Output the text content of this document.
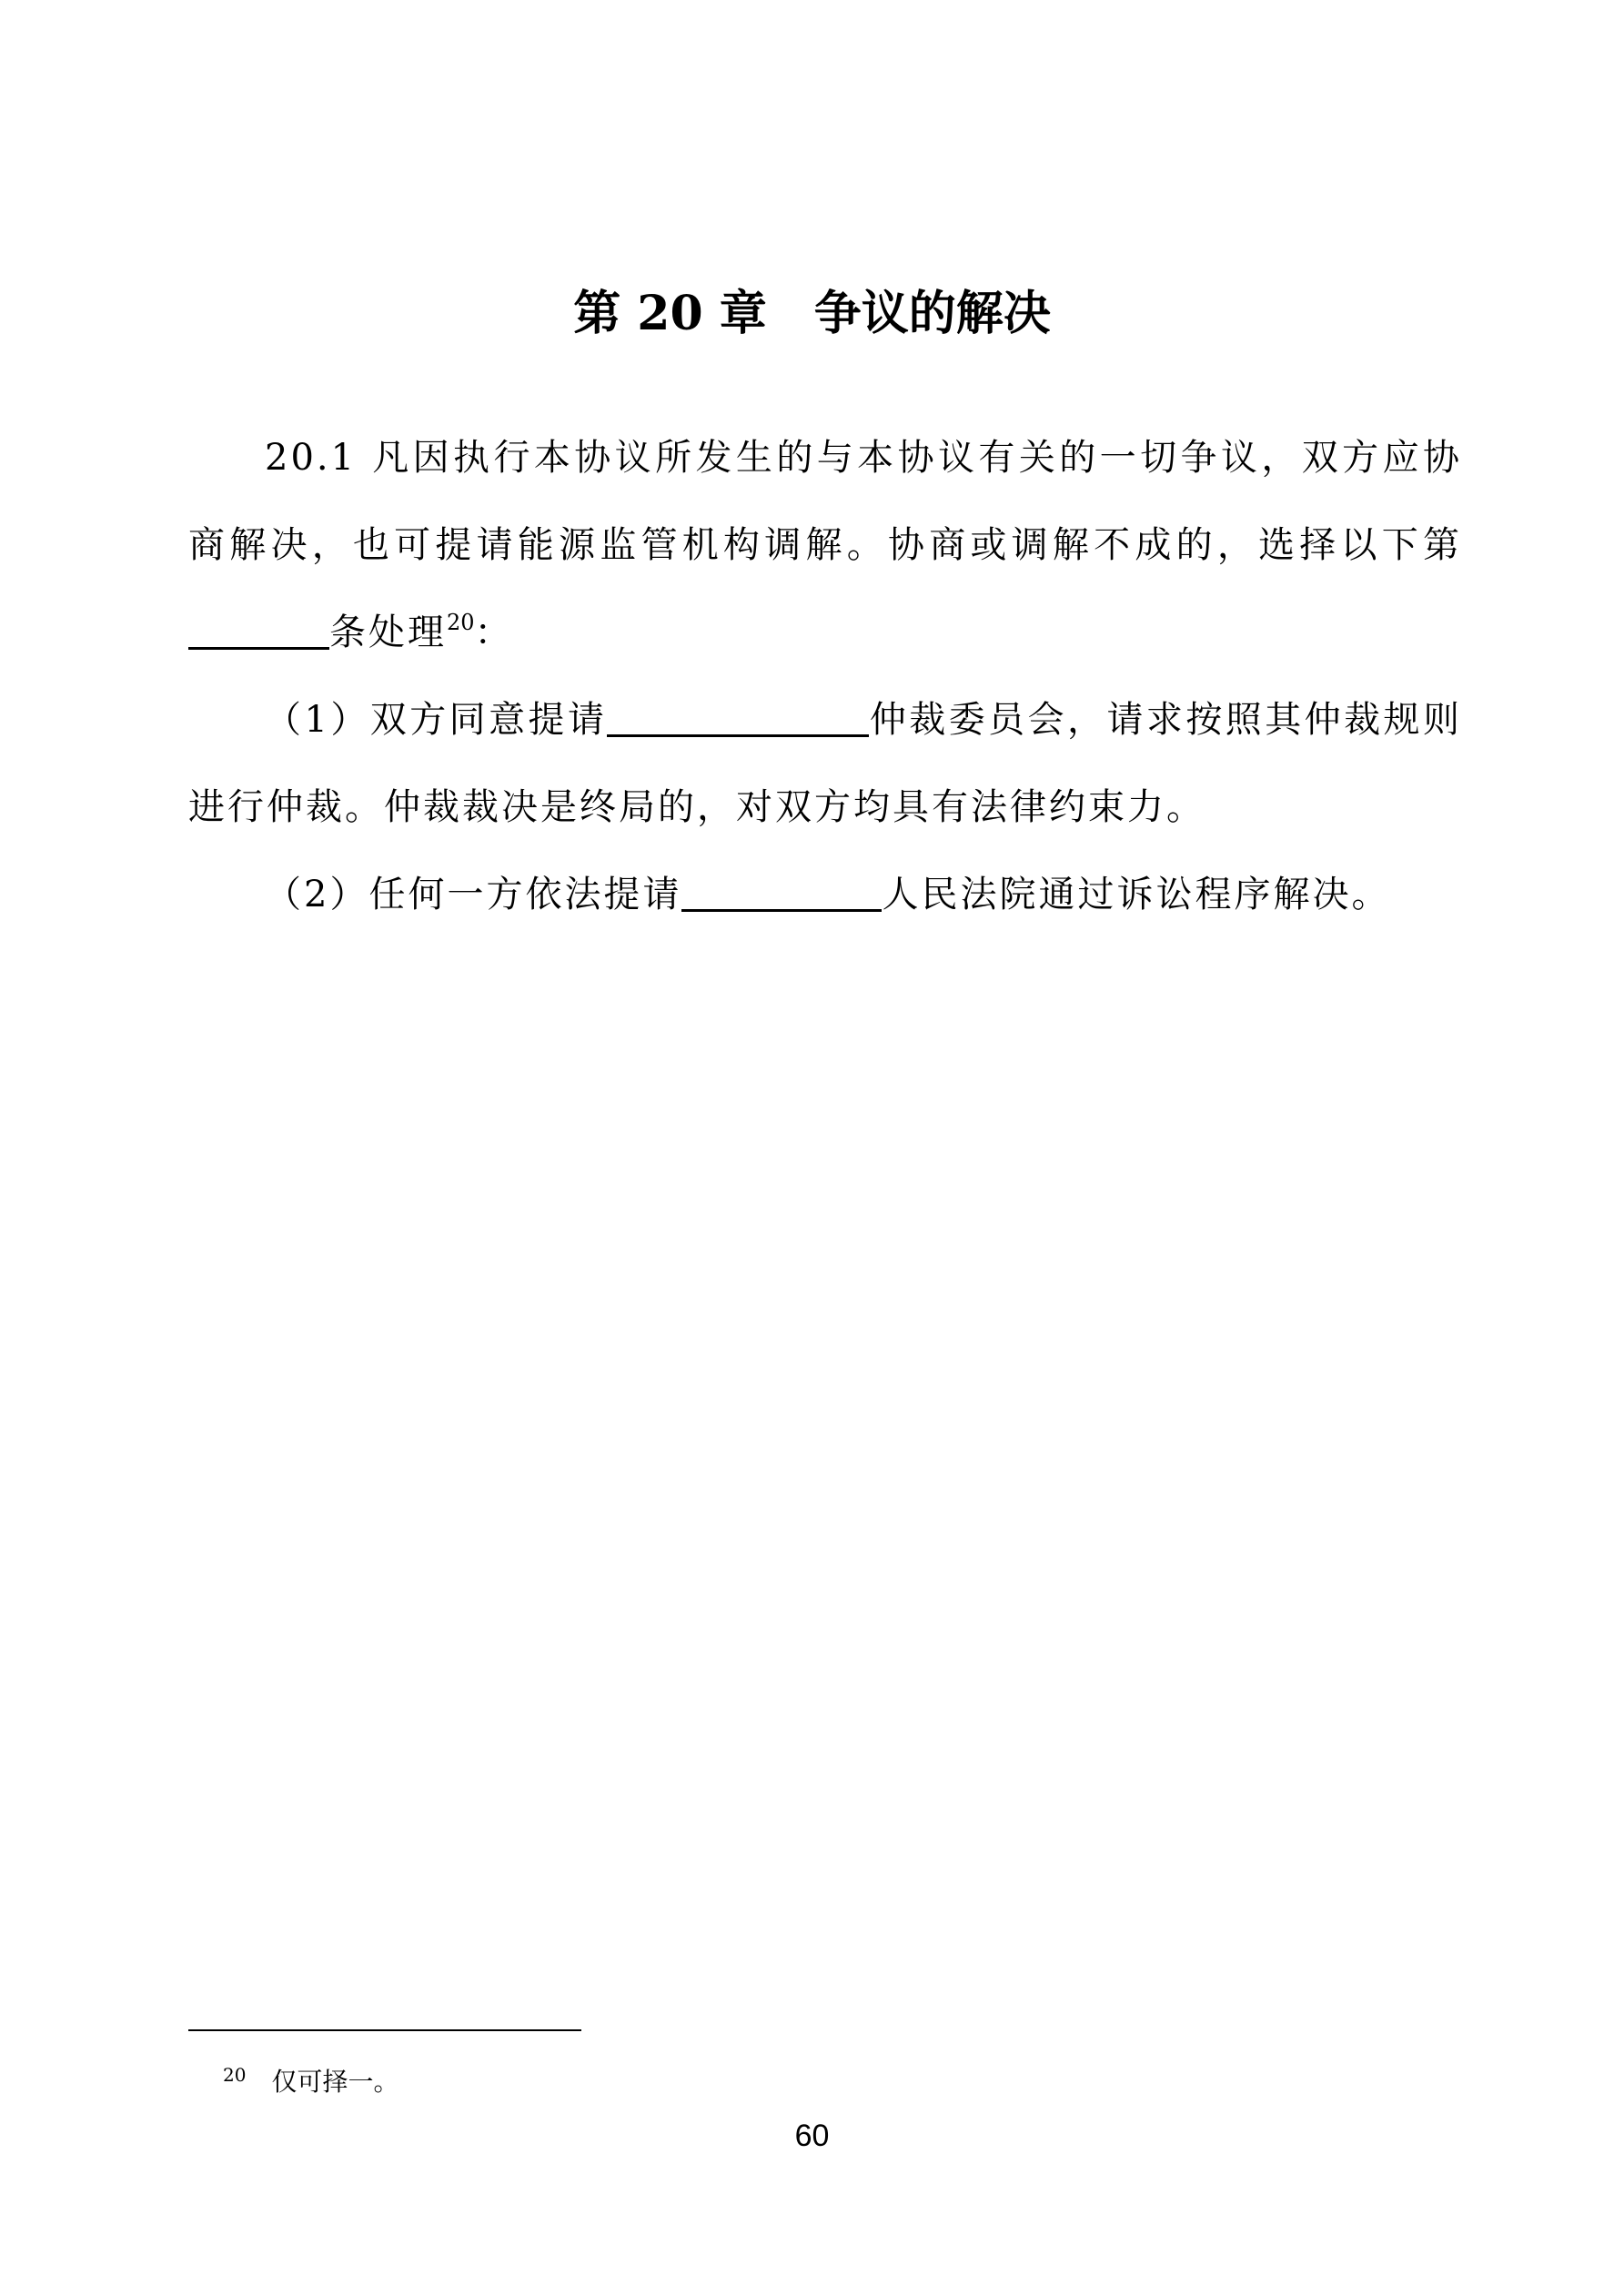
第 20 章　争议的解决

20.1 凡因执行本协议所发生的与本协议有关的一切争议，双方应协商解决，也可提请能源监管机构调解。协商或调解不成的，选择以下第条处理$^{20}$：

（1）双方同意提请	仲裁委员会，请求按照其仲裁规则进行仲裁。仲裁裁决是终局的，对双方均具有法律约束力。

（2）任何一方依法提请	人民法院通过诉讼程序解决。

$^{20}$ 仅可择一。
60
